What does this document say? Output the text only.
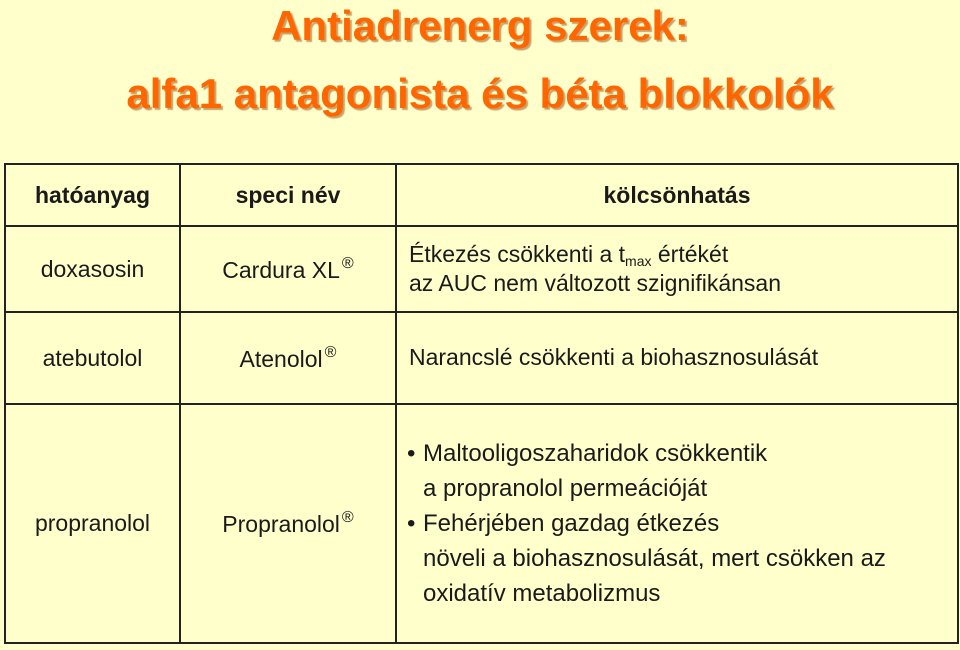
Antiadrenerg szerek:
alfa1 antagonista és béta blokkolók
hatóanyag	speci név	kölcsönhatás
doxasosin	Cardura XL ®	Étkezés csökkenti a $t_{max}$ értékét
az AUC nem változott szignifikánsan

atebutolol	Atenolol ®	Narancslé csökkenti a biohasznosulását

propranolol	Propranolol ®	• Maltooligoszaharidok csökkentik
a propranolol permeációját
• Fehérjében gazdag étkezés
növeli a biohasznosulását, mert csökken az
oxidatív metabolizmus
